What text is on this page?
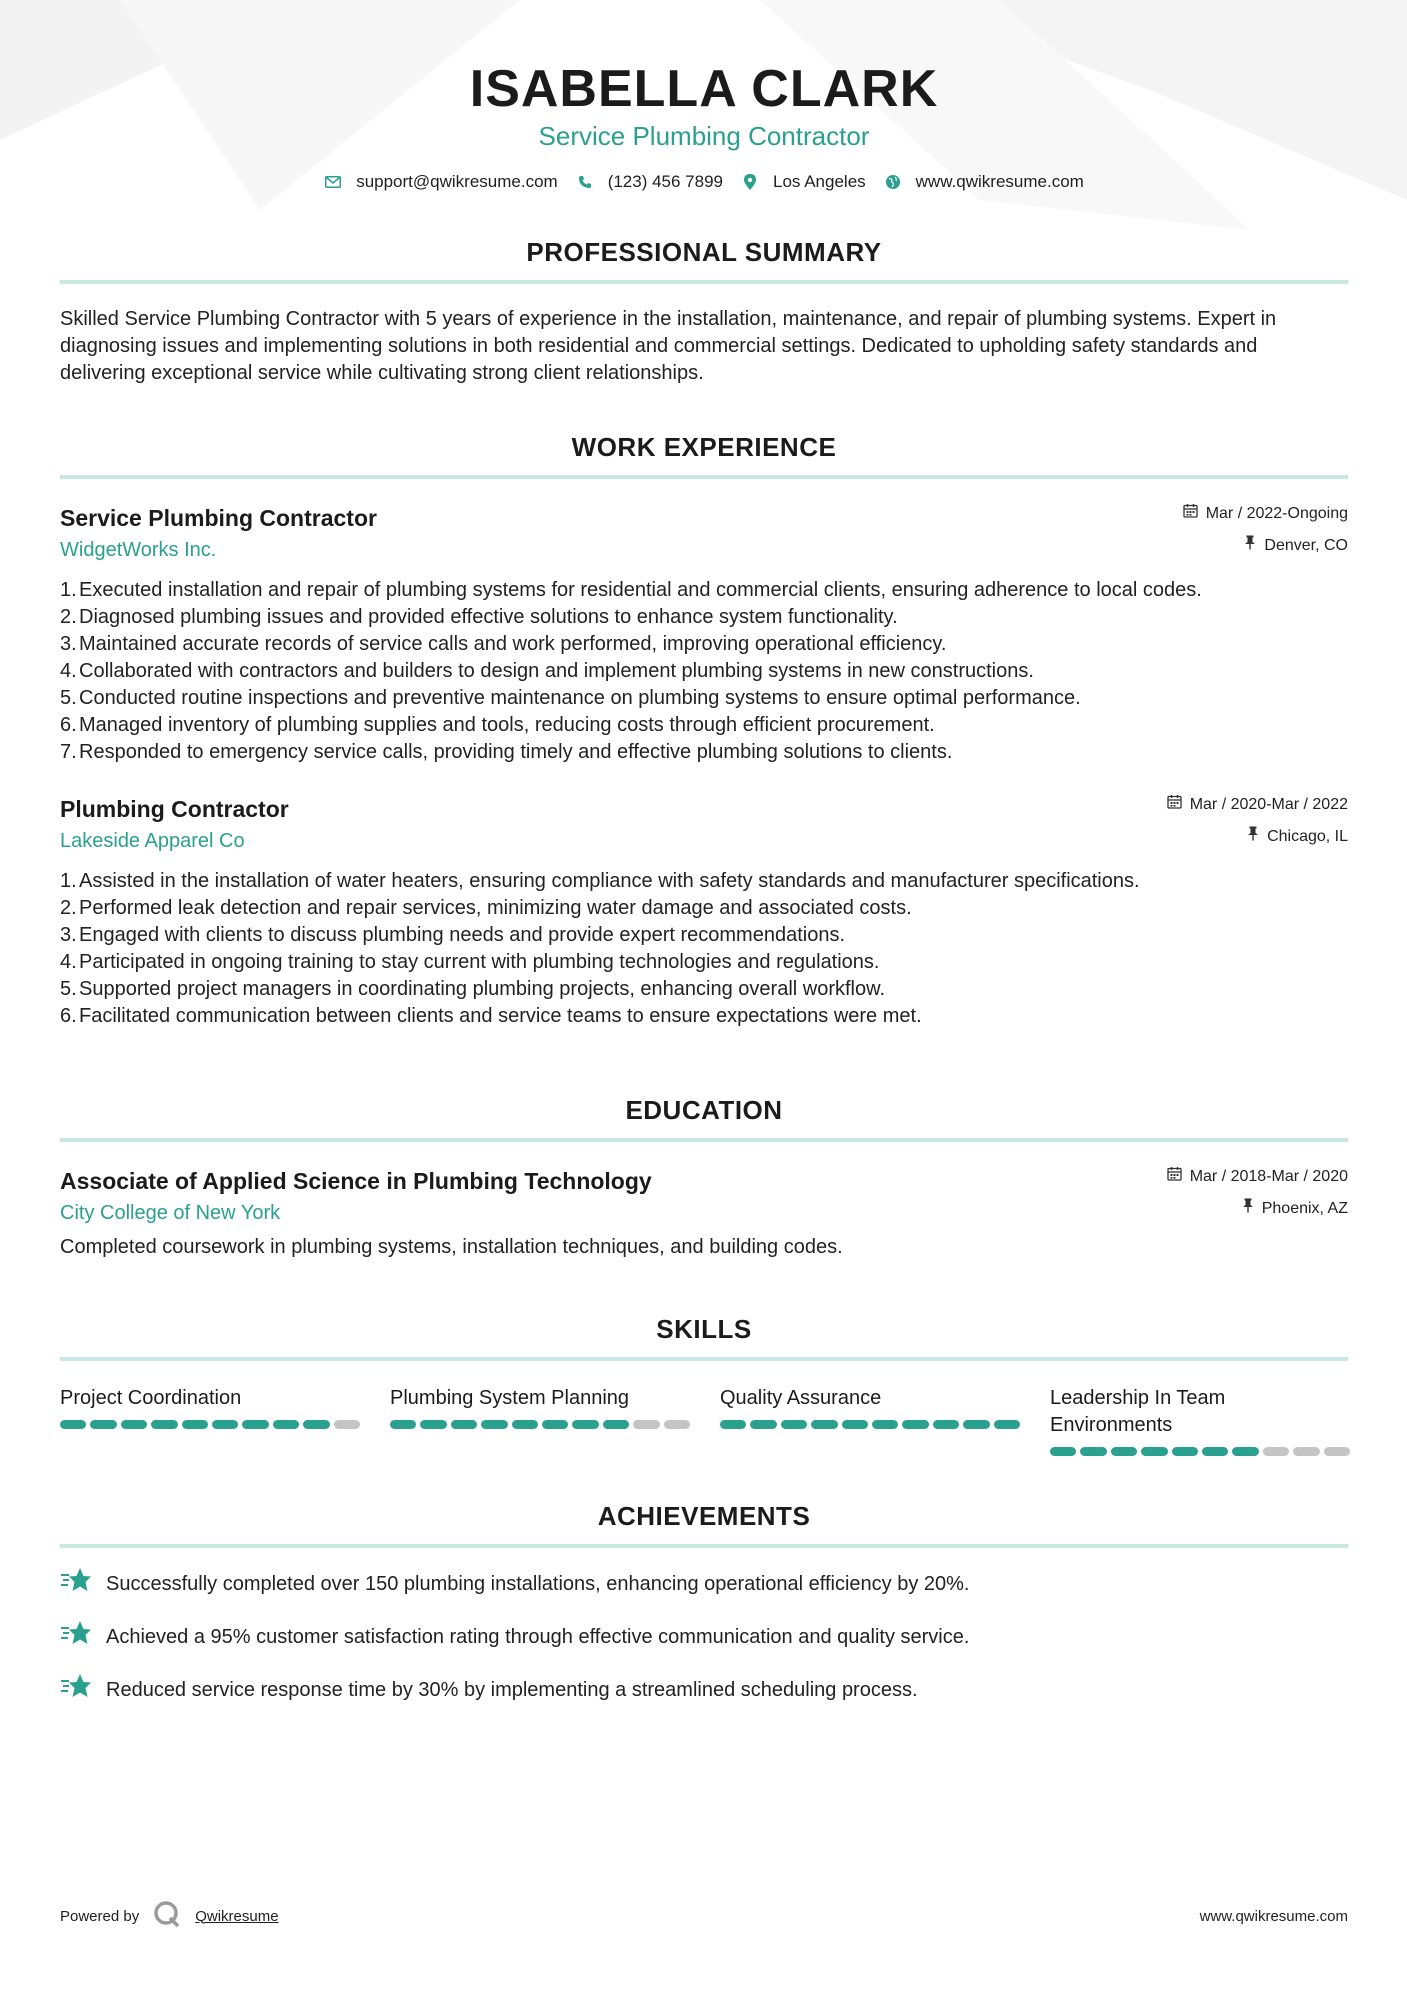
ISABELLA CLARK
Service Plumbing Contractor
support@qwikresume.com	(123) 456 7899	Los Angeles	www.qwikresume.com
PROFESSIONAL SUMMARY
Skilled Service Plumbing Contractor with 5 years of experience in the installation, maintenance, and repair of plumbing systems. Expert in diagnosing issues and implementing solutions in both residential and commercial settings. Dedicated to upholding safety standards and delivering exceptional service while cultivating strong client relationships.
WORK EXPERIENCE
Service Plumbing Contractor
WidgetWorks Inc.
Mar / 2022-Ongoing
Denver, CO
1. Executed installation and repair of plumbing systems for residential and commercial clients, ensuring adherence to local codes.
2. Diagnosed plumbing issues and provided effective solutions to enhance system functionality.
3. Maintained accurate records of service calls and work performed, improving operational efficiency.
4. Collaborated with contractors and builders to design and implement plumbing systems in new constructions.
5. Conducted routine inspections and preventive maintenance on plumbing systems to ensure optimal performance.
6. Managed inventory of plumbing supplies and tools, reducing costs through efficient procurement.
7. Responded to emergency service calls, providing timely and effective plumbing solutions to clients.
Plumbing Contractor
Lakeside Apparel Co
Mar / 2020-Mar / 2022
Chicago, IL
1. Assisted in the installation of water heaters, ensuring compliance with safety standards and manufacturer specifications.
2. Performed leak detection and repair services, minimizing water damage and associated costs.
3. Engaged with clients to discuss plumbing needs and provide expert recommendations.
4. Participated in ongoing training to stay current with plumbing technologies and regulations.
5. Supported project managers in coordinating plumbing projects, enhancing overall workflow.
6. Facilitated communication between clients and service teams to ensure expectations were met.
EDUCATION
Associate of Applied Science in Plumbing Technology
City College of New York
Mar / 2018-Mar / 2020
Phoenix, AZ
Completed coursework in plumbing systems, installation techniques, and building codes.
SKILLS
Project Coordination	Plumbing System Planning	Quality Assurance	Leadership In Team Environments
ACHIEVEMENTS
Successfully completed over 150 plumbing installations, enhancing operational efficiency by 20%.
Achieved a 95% customer satisfaction rating through effective communication and quality service.
Reduced service response time by 30% by implementing a streamlined scheduling process.
Powered by	Qwikresume	www.qwikresume.com
